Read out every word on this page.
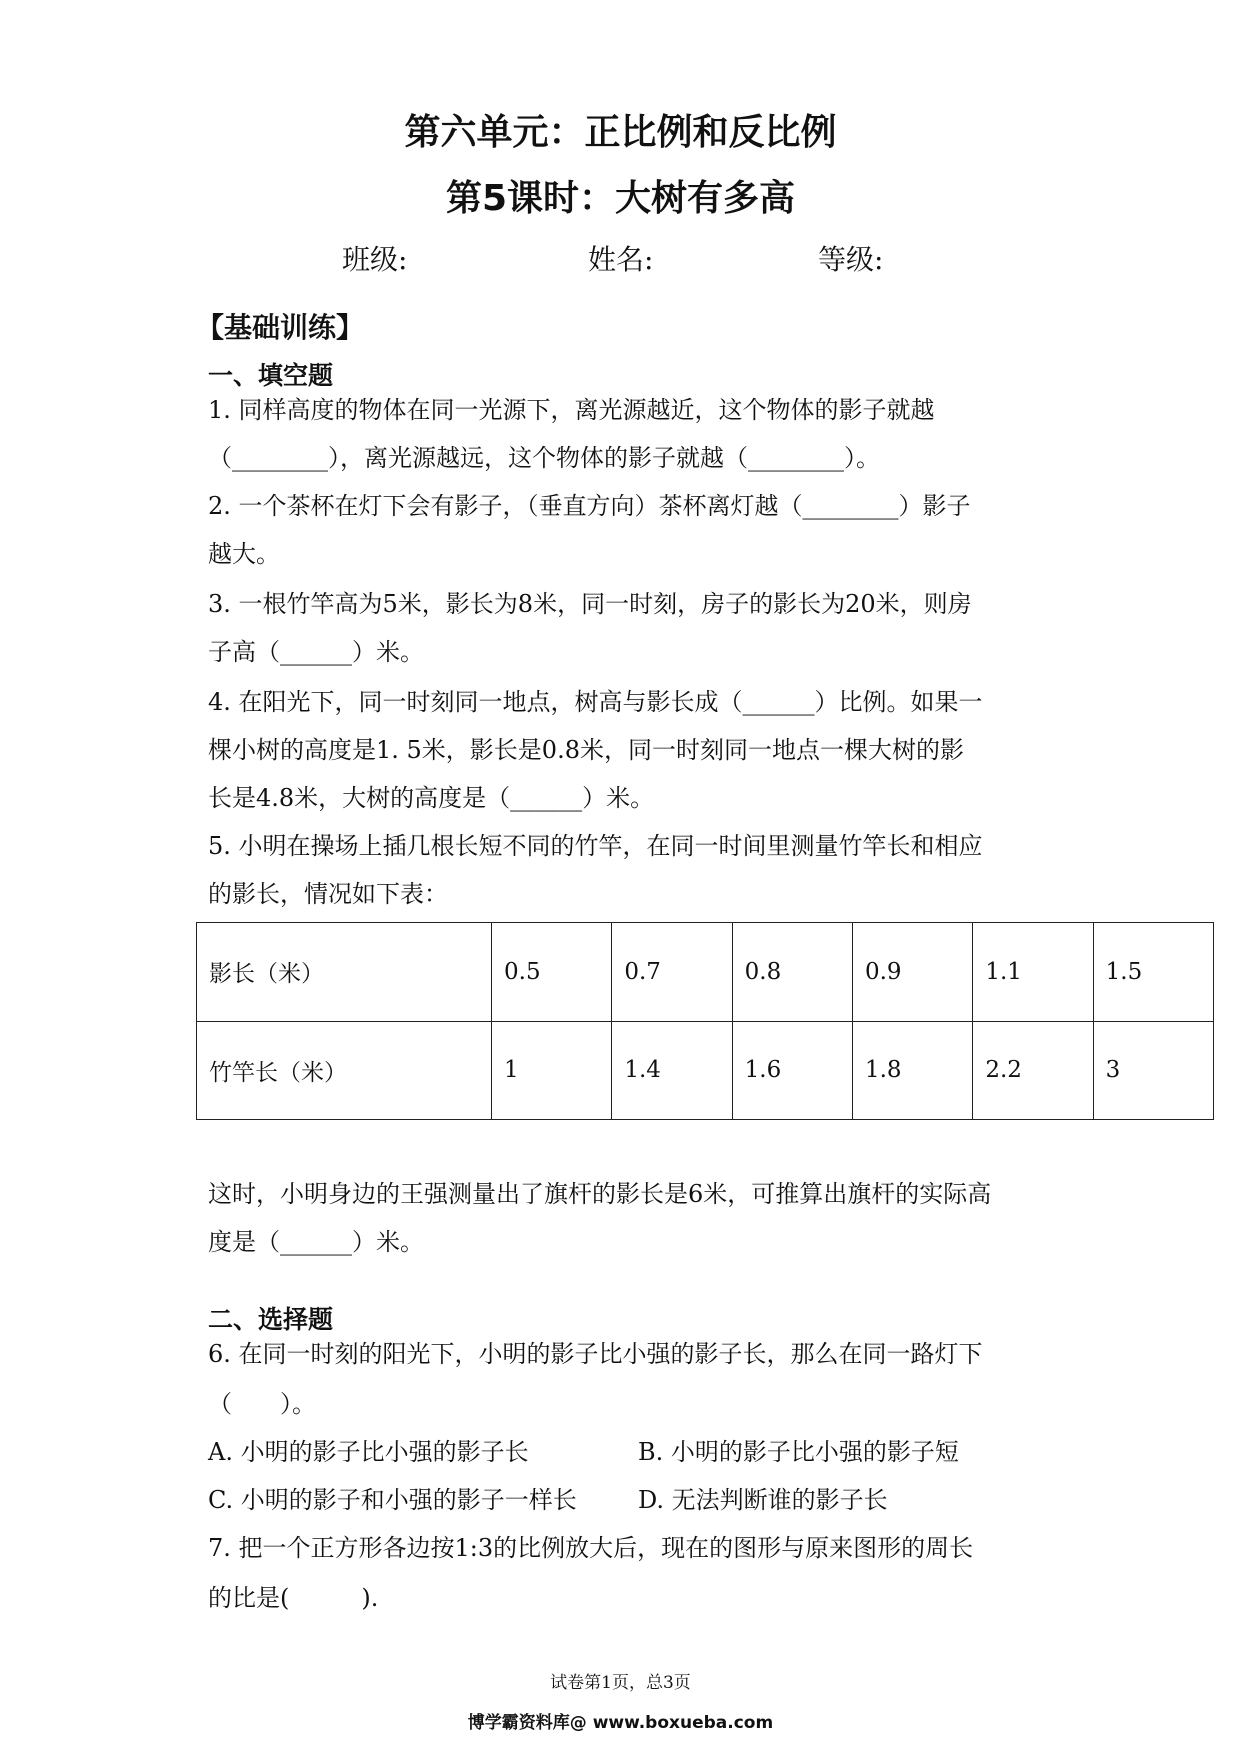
第六单元：正比例和反比例
第5课时：大树有多高
班级:	姓名:	等级:
【基础训练】
一、填空题
1. 同样高度的物体在同一光源下，离光源越近，这个物体的影子就越
（________），离光源越远，这个物体的影子就越（________）。
2. 一个茶杯在灯下会有影子，（垂直方向）茶杯离灯越（________）影子
越大。
3. 一根竹竿高为5米，影长为8米，同一时刻，房子的影长为20米，则房
子高（______）米。
4. 在阳光下，同一时刻同一地点，树高与影长成（______）比例。如果一
棵小树的高度是1. 5米，影长是0.8米，同一时刻同一地点一棵大树的影
长是4.8米，大树的高度是（______）米。
5. 小明在操场上插几根长短不同的竹竿，在同一时间里测量竹竿长和相应
的影长，情况如下表：
影长（米）	0.5	0.7	0.8	0.9	1.1	1.5
竹竿长（米）	1	1.4	1.6	1.8	2.2	3
这时，小明身边的王强测量出了旗杆的影长是6米，可推算出旗杆的实际高
度是（______）米。
二、选择题
6. 在同一时刻的阳光下，小明的影子比小强的影子长，那么在同一路灯下
（　　）。
A. 小明的影子比小强的影子长	B. 小明的影子比小强的影子短
C. 小明的影子和小强的影子一样长	D. 无法判断谁的影子长
7. 把一个正方形各边按1:3的比例放大后，现在的图形与原来图形的周长
的比是(　　　).
试卷第1页，总3页
博学霸资料库@ www.boxueba.com
